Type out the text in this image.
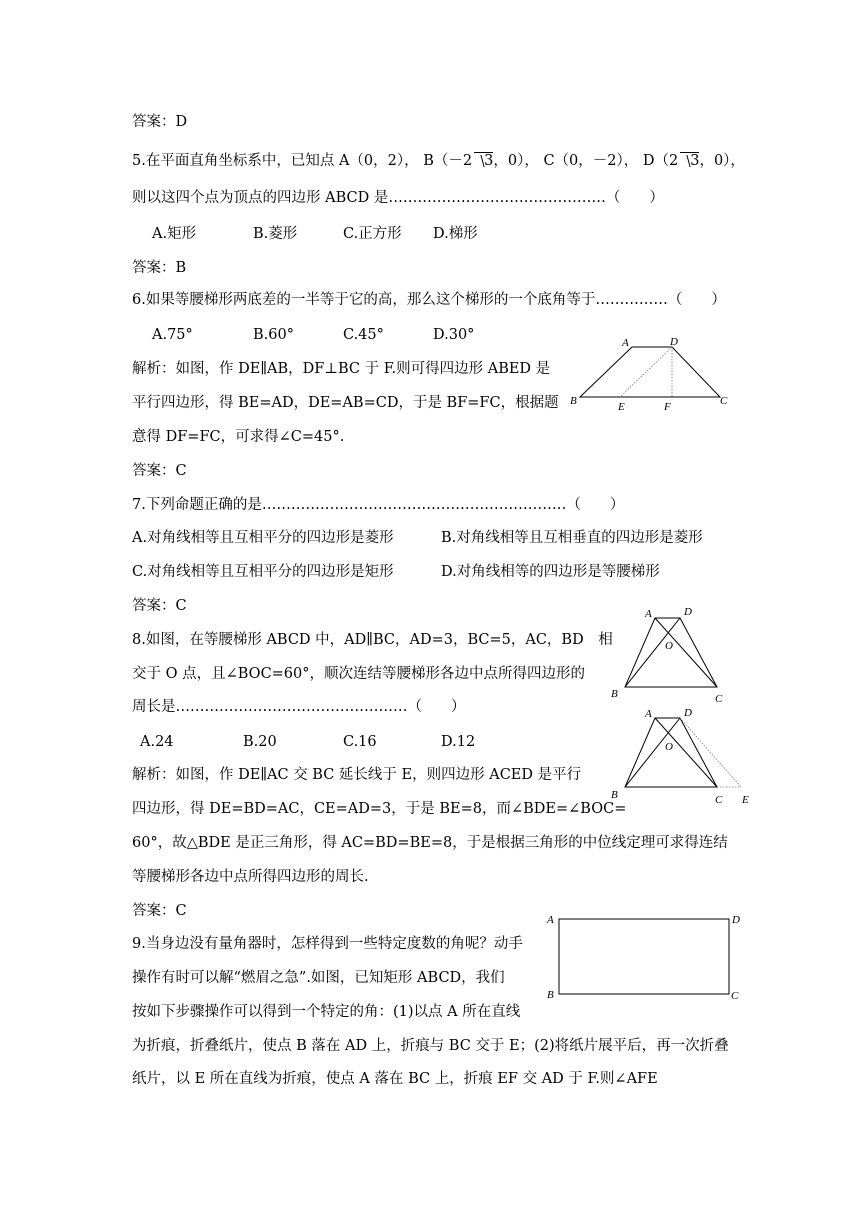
答案：D
5.在平面直角坐标系中，已知点 A（0，2）， B（－2 3，0）， C（0，－2）， D（2 3，0），
则以这四个点为顶点的四边形 ABCD 是………………………………………（　　）
A.矩形	B.菱形	C.正方形 D.梯形
答案：B
6.如果等腰梯形两底差的一半等于它的高，那么这个梯形的一个底角等于……………（　　）
A.75°	B.60°	C.45°	D.30°
解析：如图，作 DE∥AB，DF⊥BC 于 F.则可得四边形 ABED 是
平行四边形，得 BE=AD，DE=AB=CD，于是 BF=FC，根据题
意得 DF=FC，可求得∠C=45°.
A	D
B	E	F	C
答案：C
7.下列命题正确的是………………………………………………………（　　）
A.对角线相等且互相平分的四边形是菱形	B.对角线相等且互相垂直的四边形是菱形
C.对角线相等且互相平分的四边形是矩形	D.对角线相等的四边形是等腰梯形
答案：C
8.如图，在等腰梯形 ABCD 中，AD∥BC，AD=3，BC=5，AC，BD　相
交于 O 点，且∠BOC=60°，顺次连结等腰梯形各边中点所得四边形的
周长是…………………………………………（　　）
A.24	B.20	C.16	D.12
解析：如图，作 DE∥AC 交 BC 延长线于 E，则四边形 ACED 是平行
四边形，得 DE=BD=AC，CE=AD=3，于是 BE=8，而∠BDE=∠BOC=
60°，故△BDE 是正三角形，得 AC=BD=BE=8，于是根据三角形的中位线定理可求得连结
等腰梯形各边中点所得四边形的周长.
A	D
O
B	C
A	D
O
B	C E
答案：C
9.当身边没有量角器时，怎样得到一些特定度数的角呢？动手
操作有时可以解“燃眉之急”.如图，已知矩形 ABCD，我们
按如下步骤操作可以得到一个特定的角：(1)以点 A 所在直线
为折痕，折叠纸片，使点 B 落在 AD 上，折痕与 BC 交于 E；(2)将纸片展平后，再一次折叠
纸片，以 E 所在直线为折痕，使点 A 落在 BC 上，折痕 EF 交 AD 于 F.则∠AFE
A	D
B	C
